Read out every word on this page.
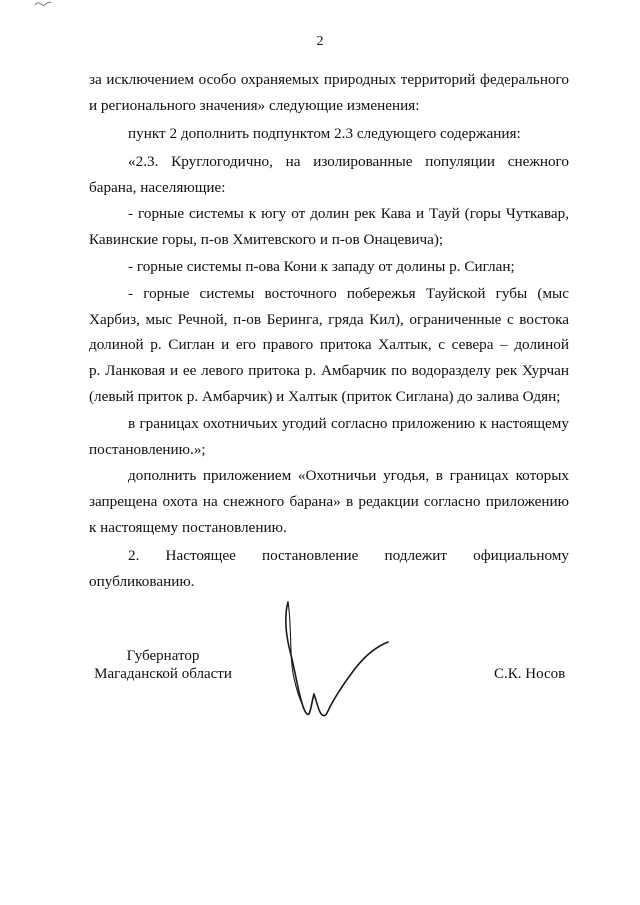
2
за исключением особо охраняемых природных территорий федерального
и регионального значения» следующие изменения:
пункт 2 дополнить подпунктом 2.3 следующего содержания:
«2.3. Круглогодично, на изолированные популяции снежного
барана, населяющие:
- горные системы к югу от долин рек Кава и Тауй (горы Чуткавар,
Кавинские горы, п-ов Хмитевского и п-ов Онацевича);
- горные системы п-ова Кони к западу от долины р. Сиглан;
- горные системы восточного побережья Тауйской губы (мыс
Харбиз, мыс Речной, п-ов Беринга, гряда Кил), ограниченные с востока
долиной р. Сиглан и его правого притока Халтык, с севера – долиной
р. Ланковая и ее левого притока р. Амбарчик по водоразделу рек Хурчан
(левый приток р. Амбарчик) и Халтык (приток Сиглана) до залива Одян;
в границах охотничьих угодий согласно приложению к настоящему
постановлению.»;
дополнить приложением «Охотничьи угодья, в границах которых
запрещена охота на снежного барана» в редакции согласно приложению
к настоящему постановлению.
2. Настоящее постановление подлежит официальному
опубликованию.
Губернатор
Магаданской области	С.К. Носов
